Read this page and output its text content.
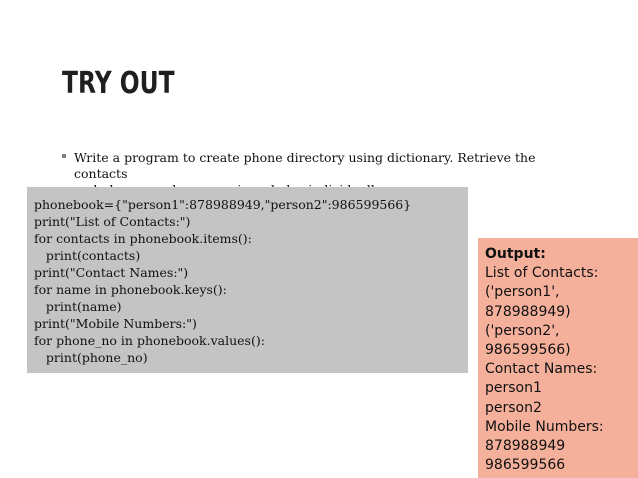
TRY OUT
Write a program to create phone directory using dictionary. Retrieve the contacts
phonebook={"person1":878988949,"person2":986599566}
print("List of Contacts:")
for contacts in phonebook.items():
print(contacts)
print("Contact Names:")
for name in phonebook.keys():
print(name)
print("Mobile Numbers:")
for phone_no in phonebook.values():
print(phone_no)
Output:
List of Contacts:
('person1',
878988949)
('person2',
986599566)
Contact Names:
person1
person2
Mobile Numbers:
878988949
986599566
